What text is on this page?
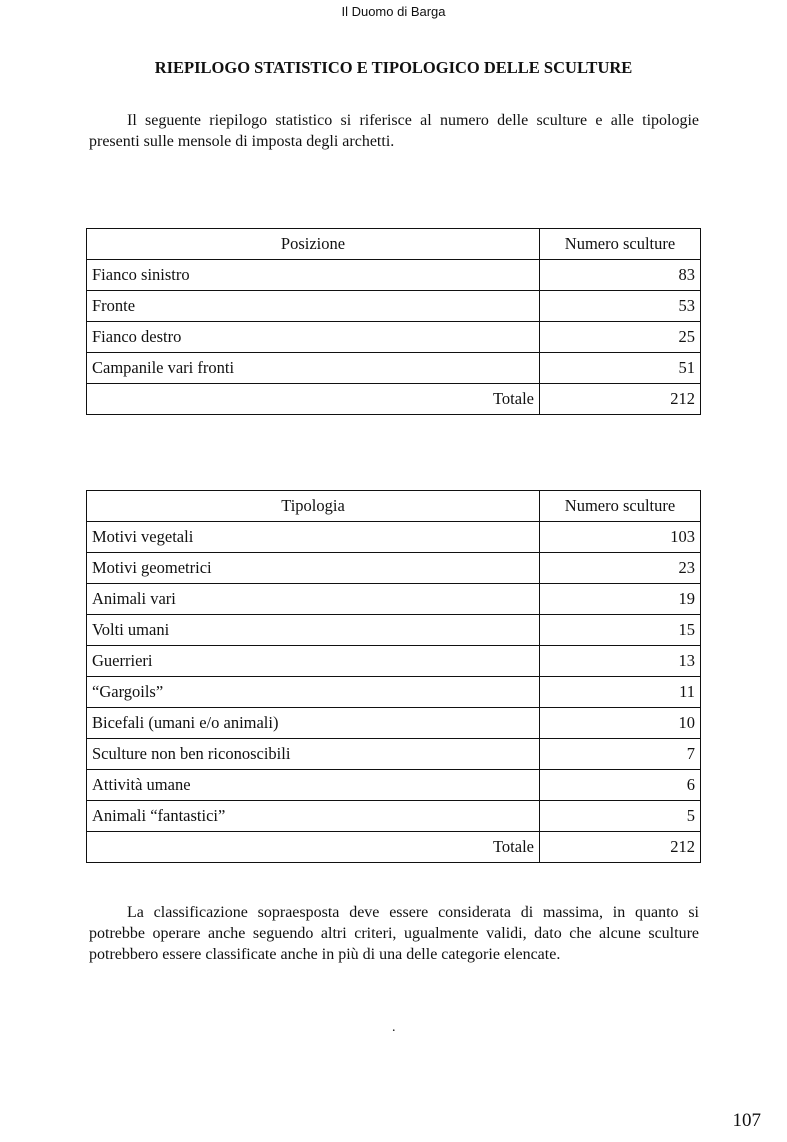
Il Duomo di Barga
RIEPILOGO STATISTICO E TIPOLOGICO DELLE SCULTURE

Il seguente riepilogo statistico si riferisce al numero delle sculture e alle tipologie presenti sulle mensole di imposta degli archetti.

Posizione	Numero sculture
Fianco sinistro	83
Fronte	53
Fianco destro	25
Campanile vari fronti	51
Totale	212
Tipologia	Numero sculture
Motivi vegetali	103
Motivi geometrici	23
Animali vari	19
Volti umani	15
Guerrieri	13
“Gargoils”	11
Bicefali (umani e/o animali)	10
Sculture non ben riconoscibili	7
Attività umane	6
Animali “fantastici”	5
Totale	212

La classificazione sopraesposta deve essere considerata di massima, in quanto si potrebbe operare anche seguendo altri criteri, ugualmente validi, dato che alcune sculture potrebbero essere classificate anche in più di una delle categorie elencate.

.
107
